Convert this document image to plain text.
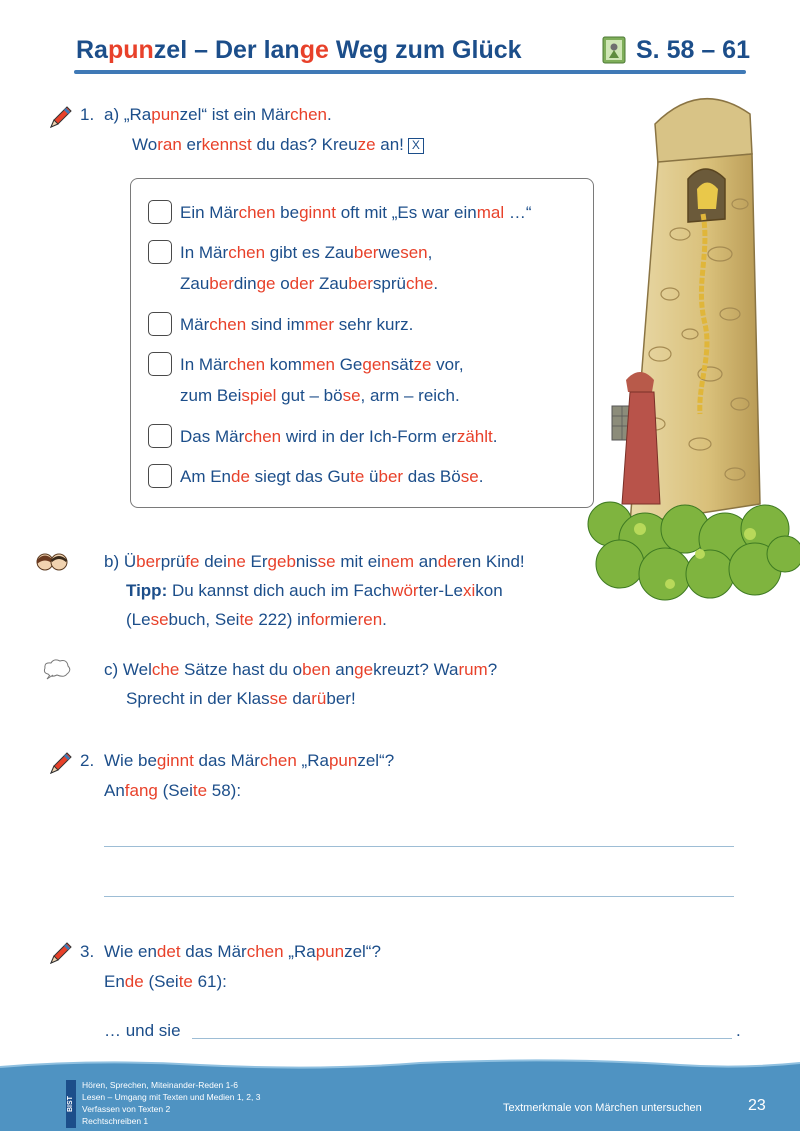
Rapunzel – Der lange Weg zum Glück	S. 58 – 61
1. a) „Rapunzel“ ist ein Märchen.
Woran erkennst du das? Kreuze an! X
Ein Märchen beginnt oft mit „Es war einmal …“
In Märchen gibt es Zauberwesen,
Zauberdinge oder Zaubersprüche.
Märchen sind immer sehr kurz.
In Märchen kommen Gegensätze vor,
zum Beispiel gut – böse, arm – reich.
Das Märchen wird in der Ich-Form erzählt.
Am Ende siegt das Gute über das Böse.
b) Überprüfe deine Ergebnisse mit einem anderen Kind!
Tipp: Du kannst dich auch im Fachwörter-Lexikon
(Lesebuch, Seite 222) informieren.
c) Welche Sätze hast du oben angekreuzt? Warum?
Sprecht in der Klasse darüber!
2. Wie beginnt das Märchen „Rapunzel“?
Anfang (Seite 58):
3. Wie endet das Märchen „Rapunzel“?
Ende (Seite 61):
… und sie	.
BIST
Hören, Sprechen, Miteinander-Reden 1-6
Lesen – Umgang mit Texten und Medien 1, 2, 3
Verfassen von Texten 2
Rechtschreiben 1
Textmerkmale von Märchen untersuchen	23
